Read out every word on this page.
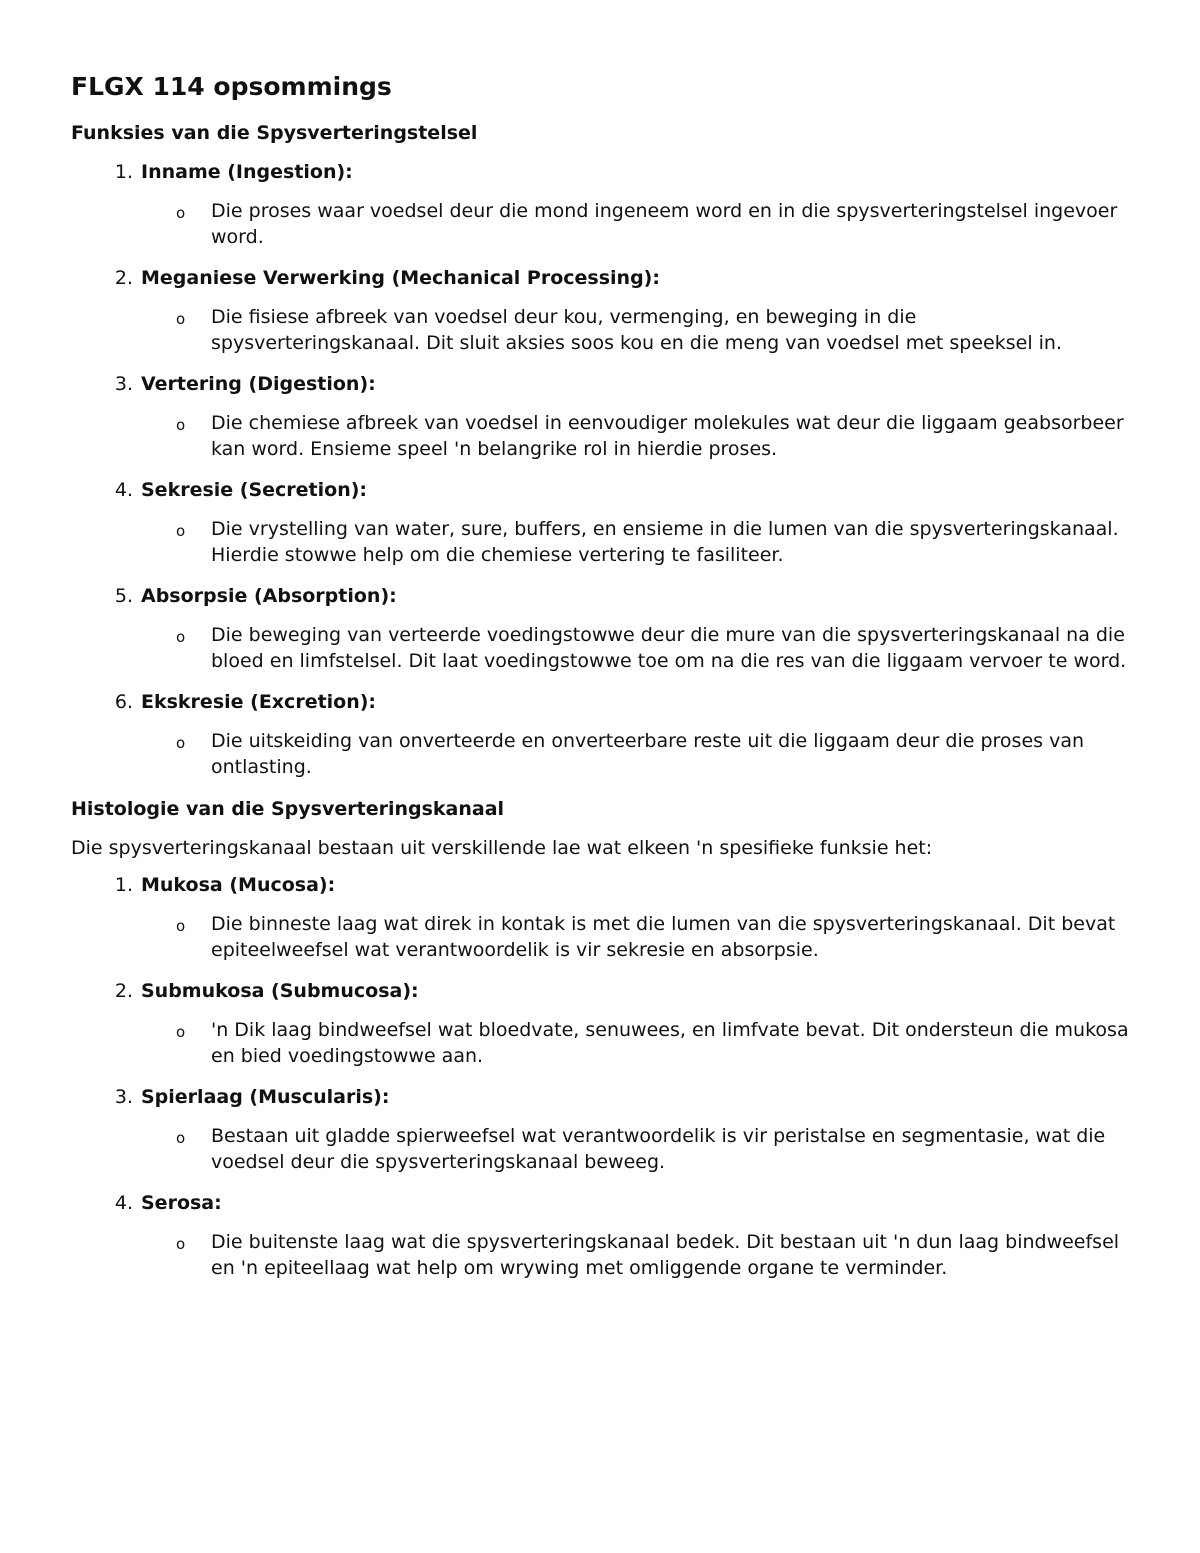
FLGX 114 opsommings
Funksies van die Spysverteringstelsel
1. Inname (Ingestion):
o	Die proses waar voedsel deur die mond ingeneem word en in die spysverteringstelsel ingevoer word.
2. Meganiese Verwerking (Mechanical Processing):
o	Die fisiese afbreek van voedsel deur kou, vermenging, en beweging in die spysverteringskanaal. Dit sluit aksies soos kou en die meng van voedsel met speeksel in.
3. Vertering (Digestion):
o	Die chemiese afbreek van voedsel in eenvoudiger molekules wat deur die liggaam geabsorbeer kan word. Ensieme speel 'n belangrike rol in hierdie proses.
4. Sekresie (Secretion):
o	Die vrystelling van water, sure, buffers, en ensieme in die lumen van die spysverteringskanaal. Hierdie stowwe help om die chemiese vertering te fasiliteer.
5. Absorpsie (Absorption):
o	Die beweging van verteerde voedingstowwe deur die mure van die spysverteringskanaal na die bloed en limfstelsel. Dit laat voedingstowwe toe om na die res van die liggaam vervoer te word.
6. Ekskresie (Excretion):
o	Die uitskeiding van onverteerde en onverteerbare reste uit die liggaam deur die proses van ontlasting.
Histologie van die Spysverteringskanaal

Die spysverteringskanaal bestaan uit verskillende lae wat elkeen 'n spesifieke funksie het:

1. Mukosa (Mucosa):
o	Die binneste laag wat direk in kontak is met die lumen van die spysverteringskanaal. Dit bevat epiteelweefsel wat verantwoordelik is vir sekresie en absorpsie.
2. Submukosa (Submucosa):
o	'n Dik laag bindweefsel wat bloedvate, senuwees, en limfvate bevat. Dit ondersteun die mukosa en bied voedingstowwe aan.
3. Spierlaag (Muscularis):
o	Bestaan uit gladde spierweefsel wat verantwoordelik is vir peristalse en segmentasie, wat die voedsel deur die spysverteringskanaal beweeg.
4. Serosa:
o	Die buitenste laag wat die spysverteringskanaal bedek. Dit bestaan uit 'n dun laag bindweefsel en 'n epiteellaag wat help om wrywing met omliggende organe te verminder.
